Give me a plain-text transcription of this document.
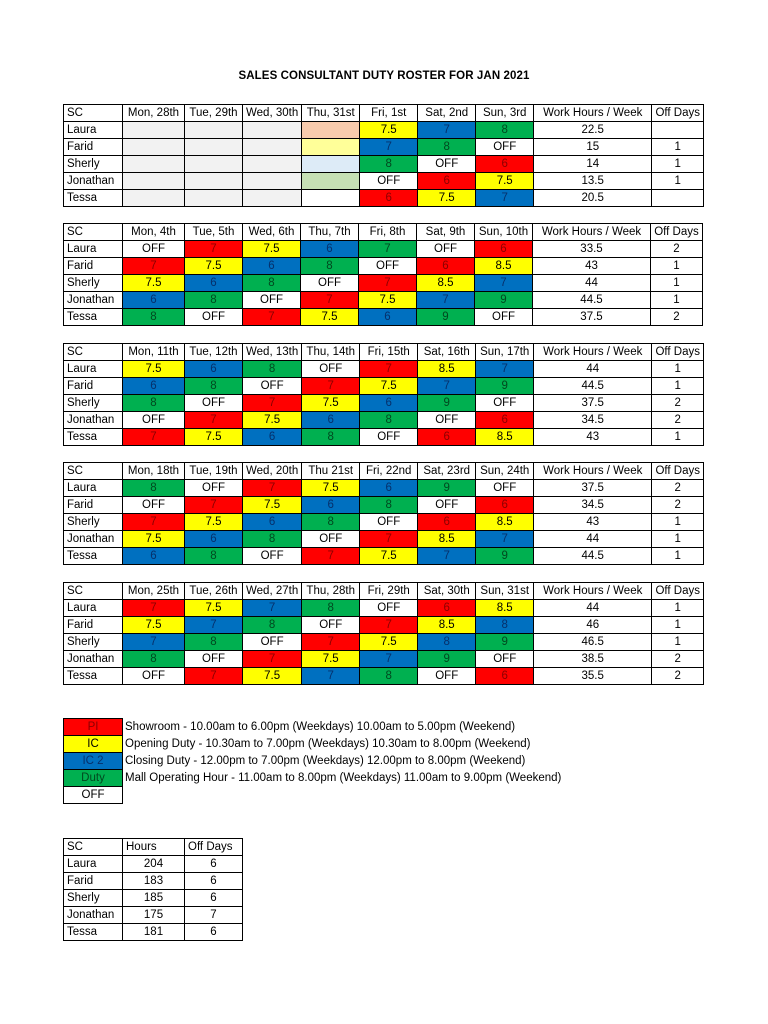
SALES CONSULTANT DUTY ROSTER FOR JAN 2021
SC	Mon, 28th	Tue, 29th	Wed, 30th	Thu, 31st	Fri, 1st	Sat, 2nd	Sun, 3rd	Work Hours / Week	Off Days
Laura					7.5	7	8	22.5	
Farid					7	8	OFF	15	1
Sherly					8	OFF	6	14	1
Jonathan					OFF	6	7.5	13.5	1
Tessa					6	7.5	7	20.5	
SC	Mon, 4th	Tue, 5th	Wed, 6th	Thu, 7th	Fri, 8th	Sat, 9th	Sun, 10th	Work Hours / Week	Off Days
Laura	OFF	7	7.5	6	7	OFF	6	33.5	2
Farid	7	7.5	6	8	OFF	6	8.5	43	1
Sherly	7.5	6	8	OFF	7	8.5	7	44	1
Jonathan	6	8	OFF	7	7.5	7	9	44.5	1
Tessa	8	OFF	7	7.5	6	9	OFF	37.5	2
SC	Mon, 11th	Tue, 12th	Wed, 13th	Thu, 14th	Fri, 15th	Sat, 16th	Sun, 17th	Work Hours / Week	Off Days
Laura	7.5	6	8	OFF	7	8.5	7	44	1
Farid	6	8	OFF	7	7.5	7	9	44.5	1
Sherly	8	OFF	7	7.5	6	9	OFF	37.5	2
Jonathan	OFF	7	7.5	6	8	OFF	6	34.5	2
Tessa	7	7.5	6	8	OFF	6	8.5	43	1
SC	Mon, 18th	Tue, 19th	Wed, 20th	Thu 21st	Fri, 22nd	Sat, 23rd	Sun, 24th	Work Hours / Week	Off Days
Laura	8	OFF	7	7.5	6	9	OFF	37.5	2
Farid	OFF	7	7.5	6	8	OFF	6	34.5	2
Sherly	7	7.5	6	8	OFF	6	8.5	43	1
Jonathan	7.5	6	8	OFF	7	8.5	7	44	1
Tessa	6	8	OFF	7	7.5	7	9	44.5	1
SC	Mon, 25th	Tue, 26th	Wed, 27th	Thu, 28th	Fri, 29th	Sat, 30th	Sun, 31st	Work Hours / Week	Off Days
Laura	7	7.5	7	8	OFF	6	8.5	44	1
Farid	7.5	7	8	OFF	7	8.5	8	46	1
Sherly	7	8	OFF	7	7.5	8	9	46.5	1
Jonathan	8	OFF	7	7.5	7	9	OFF	38.5	2
Tessa	OFF	7	7.5	7	8	OFF	6	35.5	2
PI	Showroom - 10.00am to 6.00pm (Weekdays) 10.00am to 5.00pm (Weekend)
IC	Opening Duty - 10.30am to 7.00pm (Weekdays) 10.30am to 8.00pm (Weekend)
IC 2	Closing Duty - 12.00pm to 7.00pm (Weekdays) 12.00pm to 8.00pm (Weekend)
Duty	Mall Operating Hour - 11.00am to 8.00pm (Weekdays) 11.00am to 9.00pm (Weekend)
OFF	
SC	Hours	Off Days
Laura	204	6
Farid	183	6
Sherly	185	6
Jonathan	175	7
Tessa	181	6
